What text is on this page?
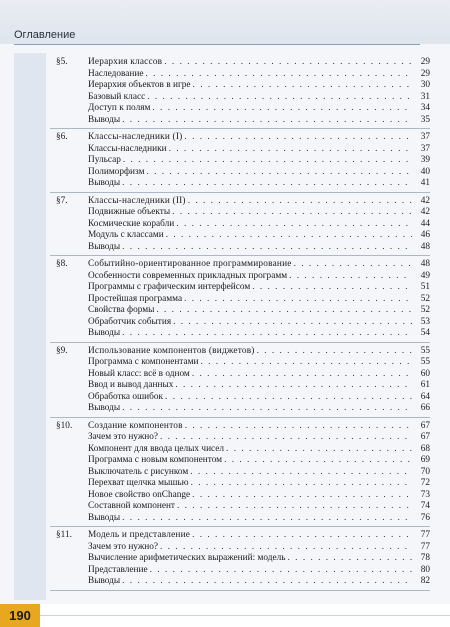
Оглавление
§5.	Иерархия классов . . .	29
Наследование . . .	29
Иерархия объектов в игре . . .	30
Базовый класс . . .	31
Доступ к полям . . .	34
Выводы . . .	35
§6.	Классы-наследники (I) . . .	37
Классы-наследники . . .	37
Пульсар . . .	39
Полиморфизм . . .	40
Выводы . . .	41
§7.	Классы-наследники (II) . . .	42
Подвижные объекты . . .	42
Космические корабли . . .	44
Модуль с классами . . .	46
Выводы . . .	48
§8.	Событийно-ориентированное программирование . . .	48
Особенности современных прикладных программ . . .	49
Программы с графическим интерфейсом . . .	51
Простейшая программа . . .	52
Свойства формы . . .	52
Обработчик события . . .	53
Выводы . . .	54
§9.	Использование компонентов (виджетов) . . .	55
Программа с компонентами . . .	55
Новый класс: всё в одном . . .	60
Ввод и вывод данных . . .	61
Обработка ошибок . . .	64
Выводы . . .	66
§10.	Создание компонентов . . .	67
Зачем это нужно? . . .	67
Компонент для ввода целых чисел . . .	68
Программа с новым компонентом . . .	69
Выключатель с рисунком . . .	70
Перехват щелчка мышью . . .	72
Новое свойство onChange . . .	73
Составной компонент . . .	74
Выводы . . .	76
§11.	Модель и представление . . .	77
Зачем это нужно? . . .	77
Вычисление арифметических выражений: модель . . .	78
Представление . . .	80
Выводы . . .	82
190
